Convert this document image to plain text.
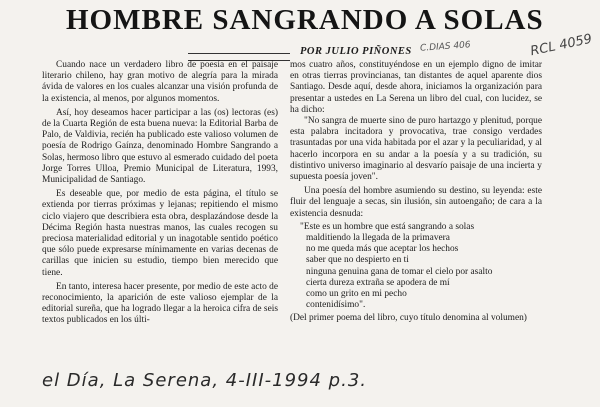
HOMBRE SANGRANDO A SOLAS
POR JULIO PIÑONES C.DIAS 406	RCL 4059

Cuando nace un verdadero libro de poesía en el paisaje literario chileno, hay gran motivo de alegría para la mirada ávida de valores en los cuales alcanzar una visión profunda de la existencia, al menos, por algunos momentos.

Así, hoy deseamos hacer participar a las (os) lectoras (es) de la Cuarta Región de esta buena nueva: la Editorial Barba de Palo, de Valdivia, recién ha publicado este valioso volumen de poesía de Rodrigo Gaínza, denominado Hombre Sangrando a Solas, hermoso libro que estuvo al esmerado cuidado del poeta Jorge Torres Ulloa, Premio Municipal de Literatura, 1993, Municipalidad de Santiago.

Es deseable que, por medio de esta página, el título se extienda por tierras próximas y lejanas; repitiendo el mismo ciclo viajero que describiera esta obra, desplazándose desde la Décima Región hasta nuestras manos, las cuales recogen su preciosa materialidad editorial y un inagotable sentido poético que sólo puede expresarse mínimamente en varias decenas de carillas que inicien su estudio, tiempo bien merecido que tiene.

En tanto, interesa hacer presente, por medio de este acto de reconocimiento, la aparición de este valioso ejemplar de la editorial sureña, que ha logrado llegar a la heroica cifra de seis textos publicados en los últi-

mos cuatro años, constituyéndose en un ejemplo digno de imitar en otras tierras provincianas, tan distantes de aquel aparente dios Santiago. Desde aquí, desde ahora, iniciamos la organización para presentar a ustedes en La Serena un libro del cual, con lucidez, se ha dicho:

"No sangra de muerte sino de puro hartazgo y plenitud, porque esta palabra incitadora y provocativa, trae consigo verdades trasuntadas por una vida habitada por el azar y la peculiaridad, y al hacerlo incorpora en su andar a la poesía y a su tradición, su distintivo universo imaginario al desvarío paisaje de una incierta y supuesta poesía joven".

Una poesía del hombre asumiendo su destino, su leyenda: este fluir del lenguaje a secas, sin ilusión, sin autoengaño; de cara a la existencia desnuda:

"Este es un hombre que está sangrando a solas
malditiendo la llegada de la primavera
no me queda más que aceptar los hechos
saber que no despierto en ti
ninguna genuina gana de tomar el cielo por asalto
cierta dureza extraña se apodera de mí
como un grito en mi pecho
contenidísimo".

(Del primer poema del libro, cuyo título denomina al volumen)

el Día, La Serena, 4-III-1994 p.3.
